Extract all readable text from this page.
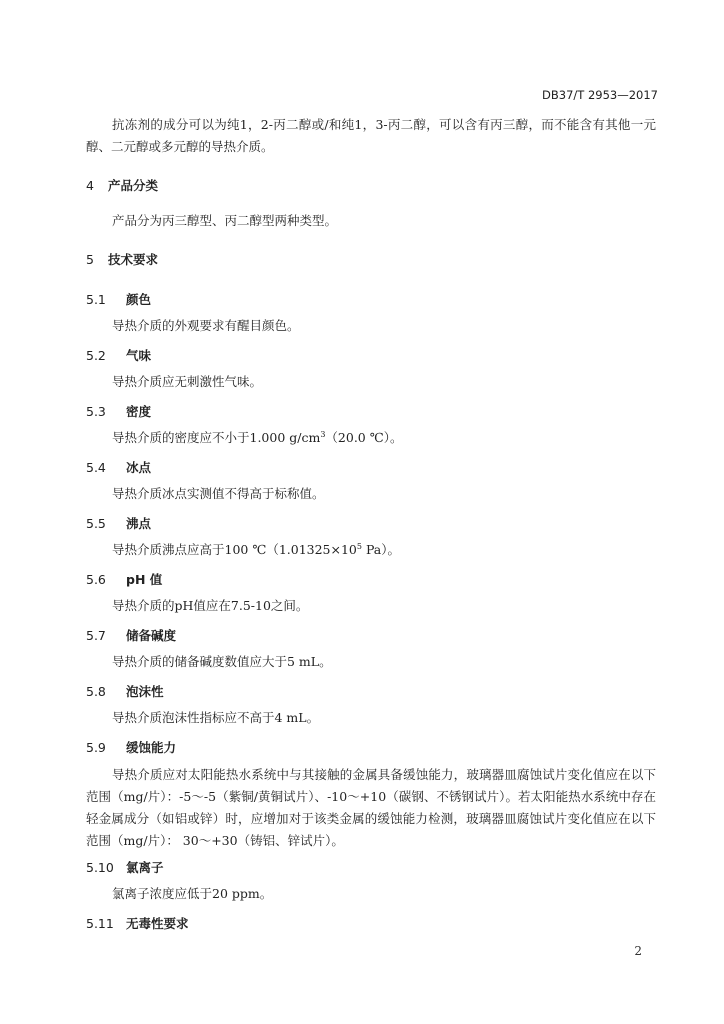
DB37/T 2953—2017

抗冻剂的成分可以为纯1，2-丙二醇或/和纯1，3-丙二醇，可以含有丙三醇，而不能含有其他一元醇、二元醇或多元醇的导热介质。

4 产品分类

产品分为丙三醇型、丙二醇型两种类型。

5 技术要求
5.1 颜色

导热介质的外观要求有醒目颜色。

5.2 气味

导热介质应无刺激性气味。

5.3 密度

导热介质的密度应不小于1.000 $g/cm^3(20.0$ ℃）。

5.4 冰点

导热介质冰点实测值不得高于标称值。

5.5 沸点

导热介质沸点应高于100 $℃(1.01325\times 10^5$ Pa）。

5.6 pH 值

导热介质的pH值应在7.5-10之间。

5.7 储备碱度

导热介质的储备碱度数值应大于5 mL。

5.8 泡沫性

导热介质泡沫性指标应不高于4 mL。

5.9 缓蚀能力

导热介质应对太阳能热水系统中与其接触的金属具备缓蚀能力，玻璃器皿腐蚀试片变化值应在以下范围（mg/片）：-5～-5（紫铜/黄铜试片）、-10～+10（碳钢、不锈钢试片）。若太阳能热水系统中存在轻金属成分（如铝或锌）时，应增加对于该类金属的缓蚀能力检测，玻璃器皿腐蚀试片变化值应在以下范围（mg/片）： 30～+30（铸铝、锌试片）。

5.10 氯离子

氯离子浓度应低于20 ppm。

5.11 无毒性要求
2
